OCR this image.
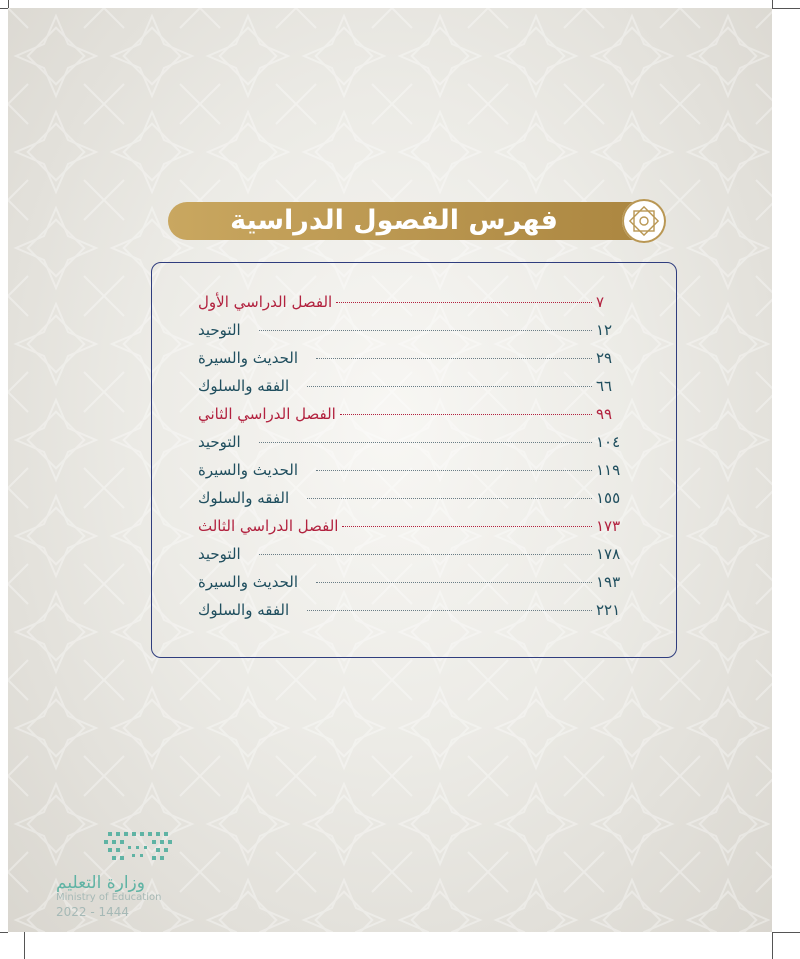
فهرس الفصول الدراسية
الفصل الدراسي الأول	٧
التوحيد	١٢
الحديث والسيرة	٢٩
الفقه والسلوك	٦٦
الفصل الدراسي الثاني	٩٩
التوحيد	١٠٤
الحديث والسيرة	١١٩
الفقه والسلوك	١٥٥
الفصل الدراسي الثالث	١٧٣
التوحيد	١٧٨
الحديث والسيرة	١٩٣
الفقه والسلوك	٢٢١
وزارة التعليم
Ministry of Education
2022 - 1444
